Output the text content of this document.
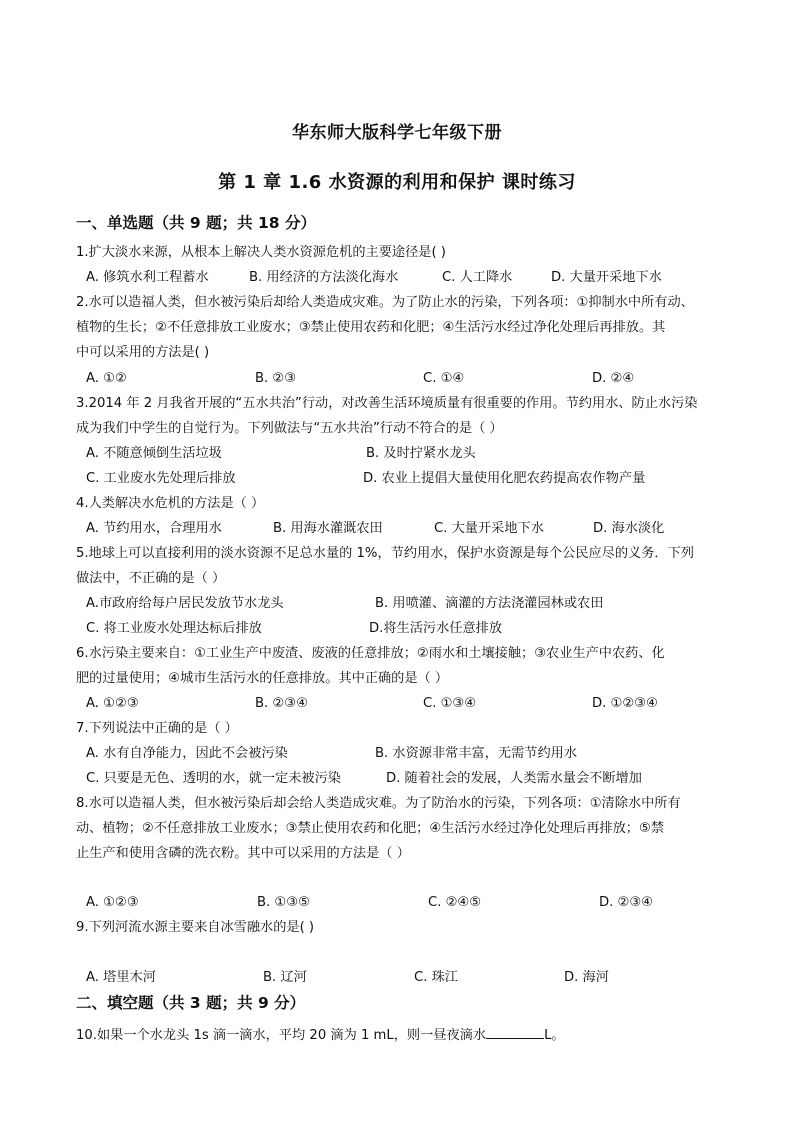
华东师大版科学七年级下册
第 1 章 1.6 水资源的利用和保护 课时练习
一、单选题（共 9 题；共 18 分）
1.扩大淡水来源，从根本上解决人类水资源危机的主要途径是( )
A. 修筑水利工程蓄水	B. 用经济的方法淡化海水	C. 人工降水	D. 大量开采地下水
2.水可以造福人类，但水被污染后却给人类造成灾难。为了防止水的污染，下列各项：①抑制水中所有动、
植物的生长；②不任意排放工业废水；③禁止使用农药和化肥；④生活污水经过净化处理后再排放。其
中可以采用的方法是( )
A. ①②	B. ②③	C. ①④	D. ②④
3.2014 年 2 月我省开展的“五水共治”行动，对改善生活环境质量有很重要的作用。节约用水、防止水污染
成为我们中学生的自觉行为。下列做法与“五水共治”行动不符合的是（ ）
A. 不随意倾倒生活垃圾	B. 及时拧紧水龙头
C. 工业废水先处理后排放	D. 农业上提倡大量使用化肥农药提高农作物产量
4.人类解决水危机的方法是（ ）
A. 节约用水，合理用水	B. 用海水灌溉农田	C. 大量开采地下水	D. 海水淡化
5.地球上可以直接利用的淡水资源不足总水量的 1%，节约用水，保护水资源是每个公民应尽的义务．下列
做法中，不正确的是（ ）
A.市政府给每户居民发放节水龙头	B. 用喷灌、滴灌的方法浇灌园林或农田
C. 将工业废水处理达标后排放	D.将生活污水任意排放
6.水污染主要来自：①工业生产中废渣、废液的任意排放；②雨水和土壤接触；③农业生产中农药、化
肥的过量使用；④城市生活污水的任意排放。其中正确的是（ ）
A. ①②③	B. ②③④	C. ①③④	D. ①②③④
7.下列说法中正确的是（ ）
A. 水有自净能力，因此不会被污染	B. 水资源非常丰富，无需节约用水
C. 只要是无色、透明的水，就一定未被污染	D. 随着社会的发展，人类需水量会不断增加
8.水可以造福人类，但水被污染后却会给人类造成灾难。为了防治水的污染，下列各项：①清除水中所有
动、植物；②不任意排放工业废水；③禁止使用农药和化肥；④生活污水经过净化处理后再排放；⑤禁
止生产和使用含磷的洗衣粉。其中可以采用的方法是（ ）
A. ①②③	B. ①③⑤	C. ②④⑤	D. ②③④
9.下列河流水源主要来自冰雪融水的是( )
A. 塔里木河	B. 辽河	C. 珠江	D. 海河
二、填空题（共 3 题；共 9 分）
10.如果一个水龙头 1s 滴一滴水，平均 20 滴为 1 mL，则一昼夜滴水	L。
